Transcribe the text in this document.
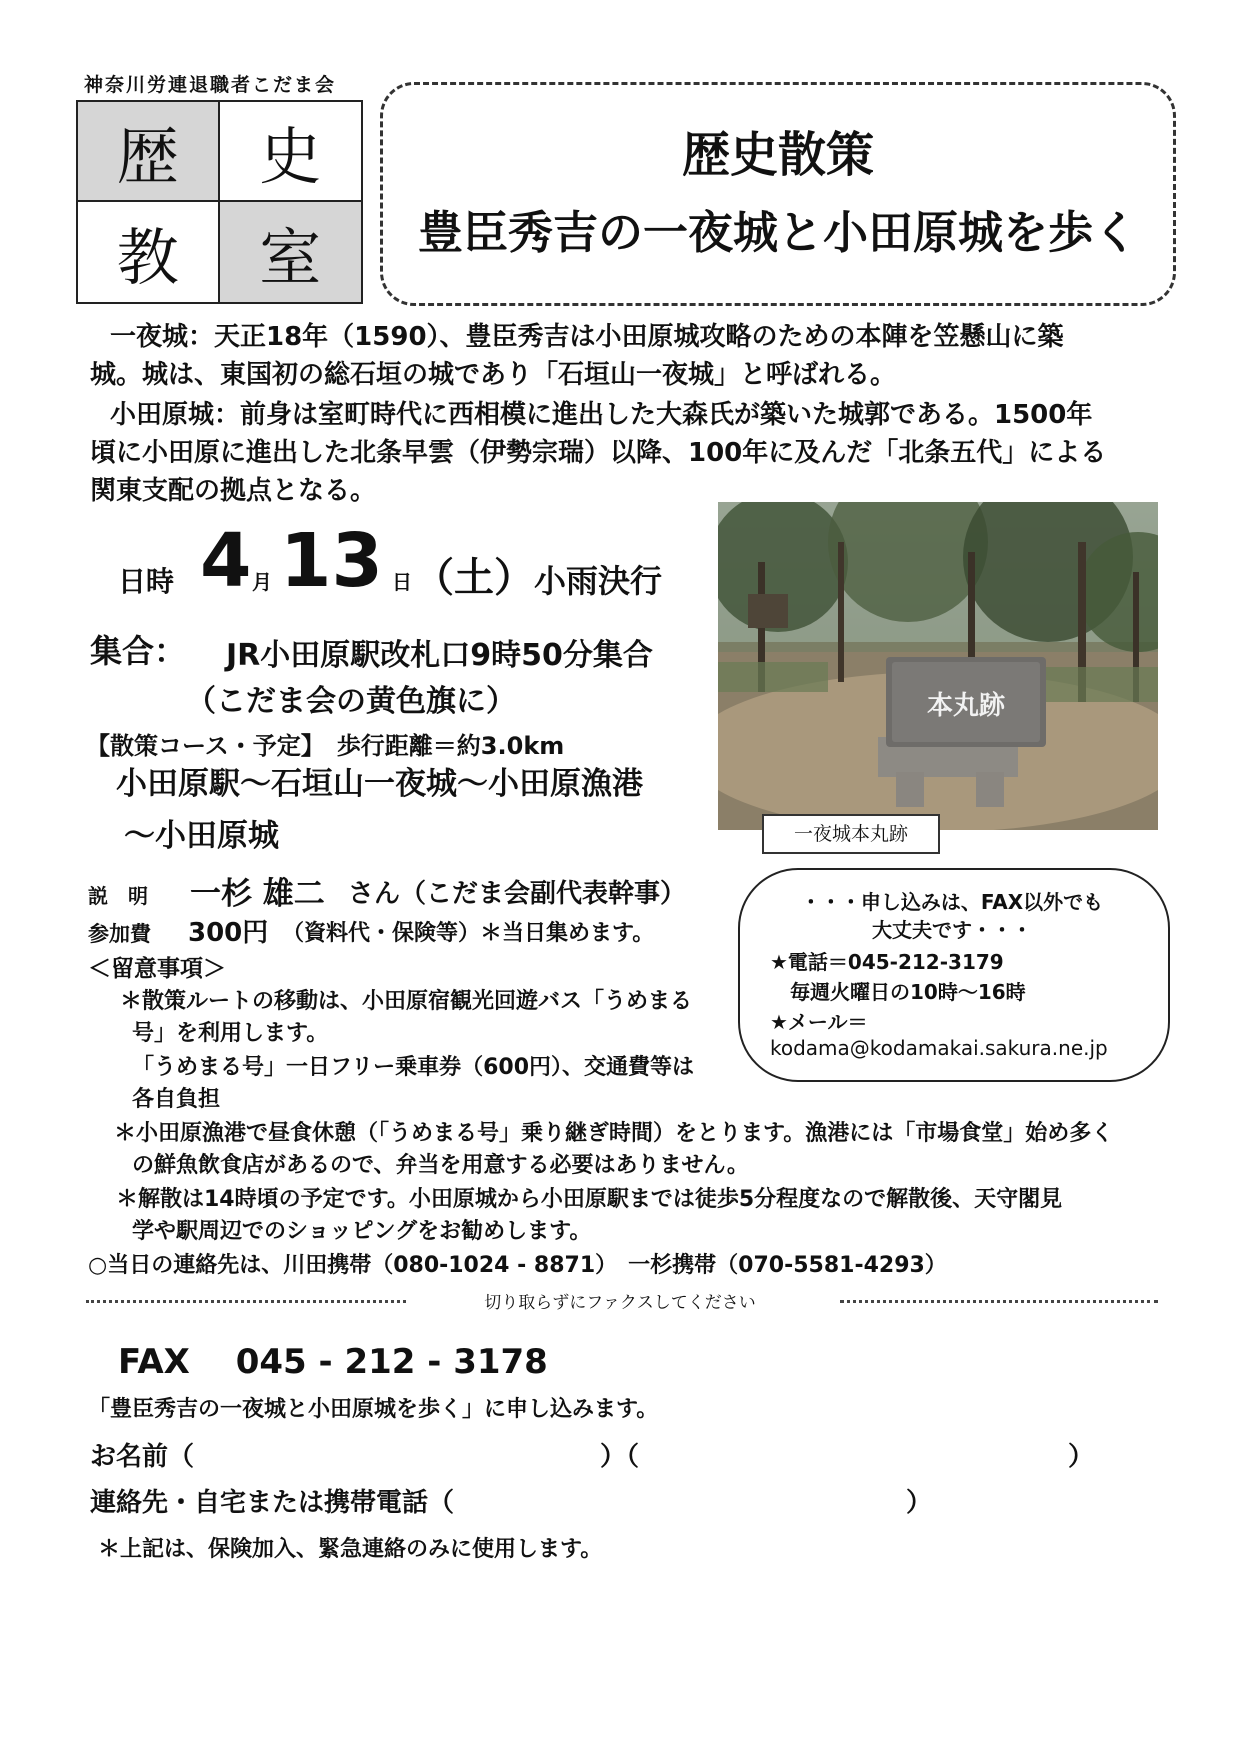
神奈川労連退職者こだま会
歴	史
教	室
歴史散策
豊臣秀吉の一夜城と小田原城を歩く
一夜城：天正18年（1590）、豊臣秀吉は小田原城攻略のための本陣を笠懸山に築
城。城は、東国初の総石垣の城であり「石垣山一夜城」と呼ばれる。
小田原城：前身は室町時代に西相模に進出した大森氏が築いた城郭である。1500年
頃に小田原に進出した北条早雲（伊勢宗瑞）以降、100年に及んだ「北条五代」による
関東支配の拠点となる。
本丸跡
一夜城本丸跡
日時 4 月 13 日 （土） 小雨決行
集合： JR小田原駅改札口9時50分集合
（こだま会の黄色旗に）
【散策コース・予定】　歩行距離＝約3.0km
小田原駅～石垣山一夜城～小田原漁港
～小田原城
説　明 一杉 雄二 さん（こだま会副代表幹事）
参加費 300円 （資料代・保険等）＊当日集めます。
・・・申し込みは、FAX以外でも
大丈夫です・・・
★電話＝045-212-3179
毎週火曜日の10時～16時
★メール＝
kodama@kodamakai.sakura.ne.jp
＜留意事項＞
＊散策ルートの移動は、小田原宿観光回遊バス「うめまる
号」を利用します。
「うめまる号」一日フリー乗車券（600円）、交通費等は
各自負担
＊小田原漁港で昼食休憩（「うめまる号」乗り継ぎ時間）をとります。漁港には「市場食堂」始め多く
の鮮魚飲食店があるので、弁当を用意する必要はありません。
＊解散は14時頃の予定です。小田原城から小田原駅までは徒歩5分程度なので解散後、天守閣見
学や駅周辺でのショッピングをお勧めします。
○当日の連絡先は、川田携帯（080-1024 - 8871）　一杉携帯（070-5581-4293）
切り取らずにファクスしてください
FAX　 045 - 212 - 3178
「豊臣秀吉の一夜城と小田原城を歩く」に申し込みます。
お名前（	）（	）
連絡先・自宅または携帯電話（	）
＊上記は、保険加入、緊急連絡のみに使用します。
